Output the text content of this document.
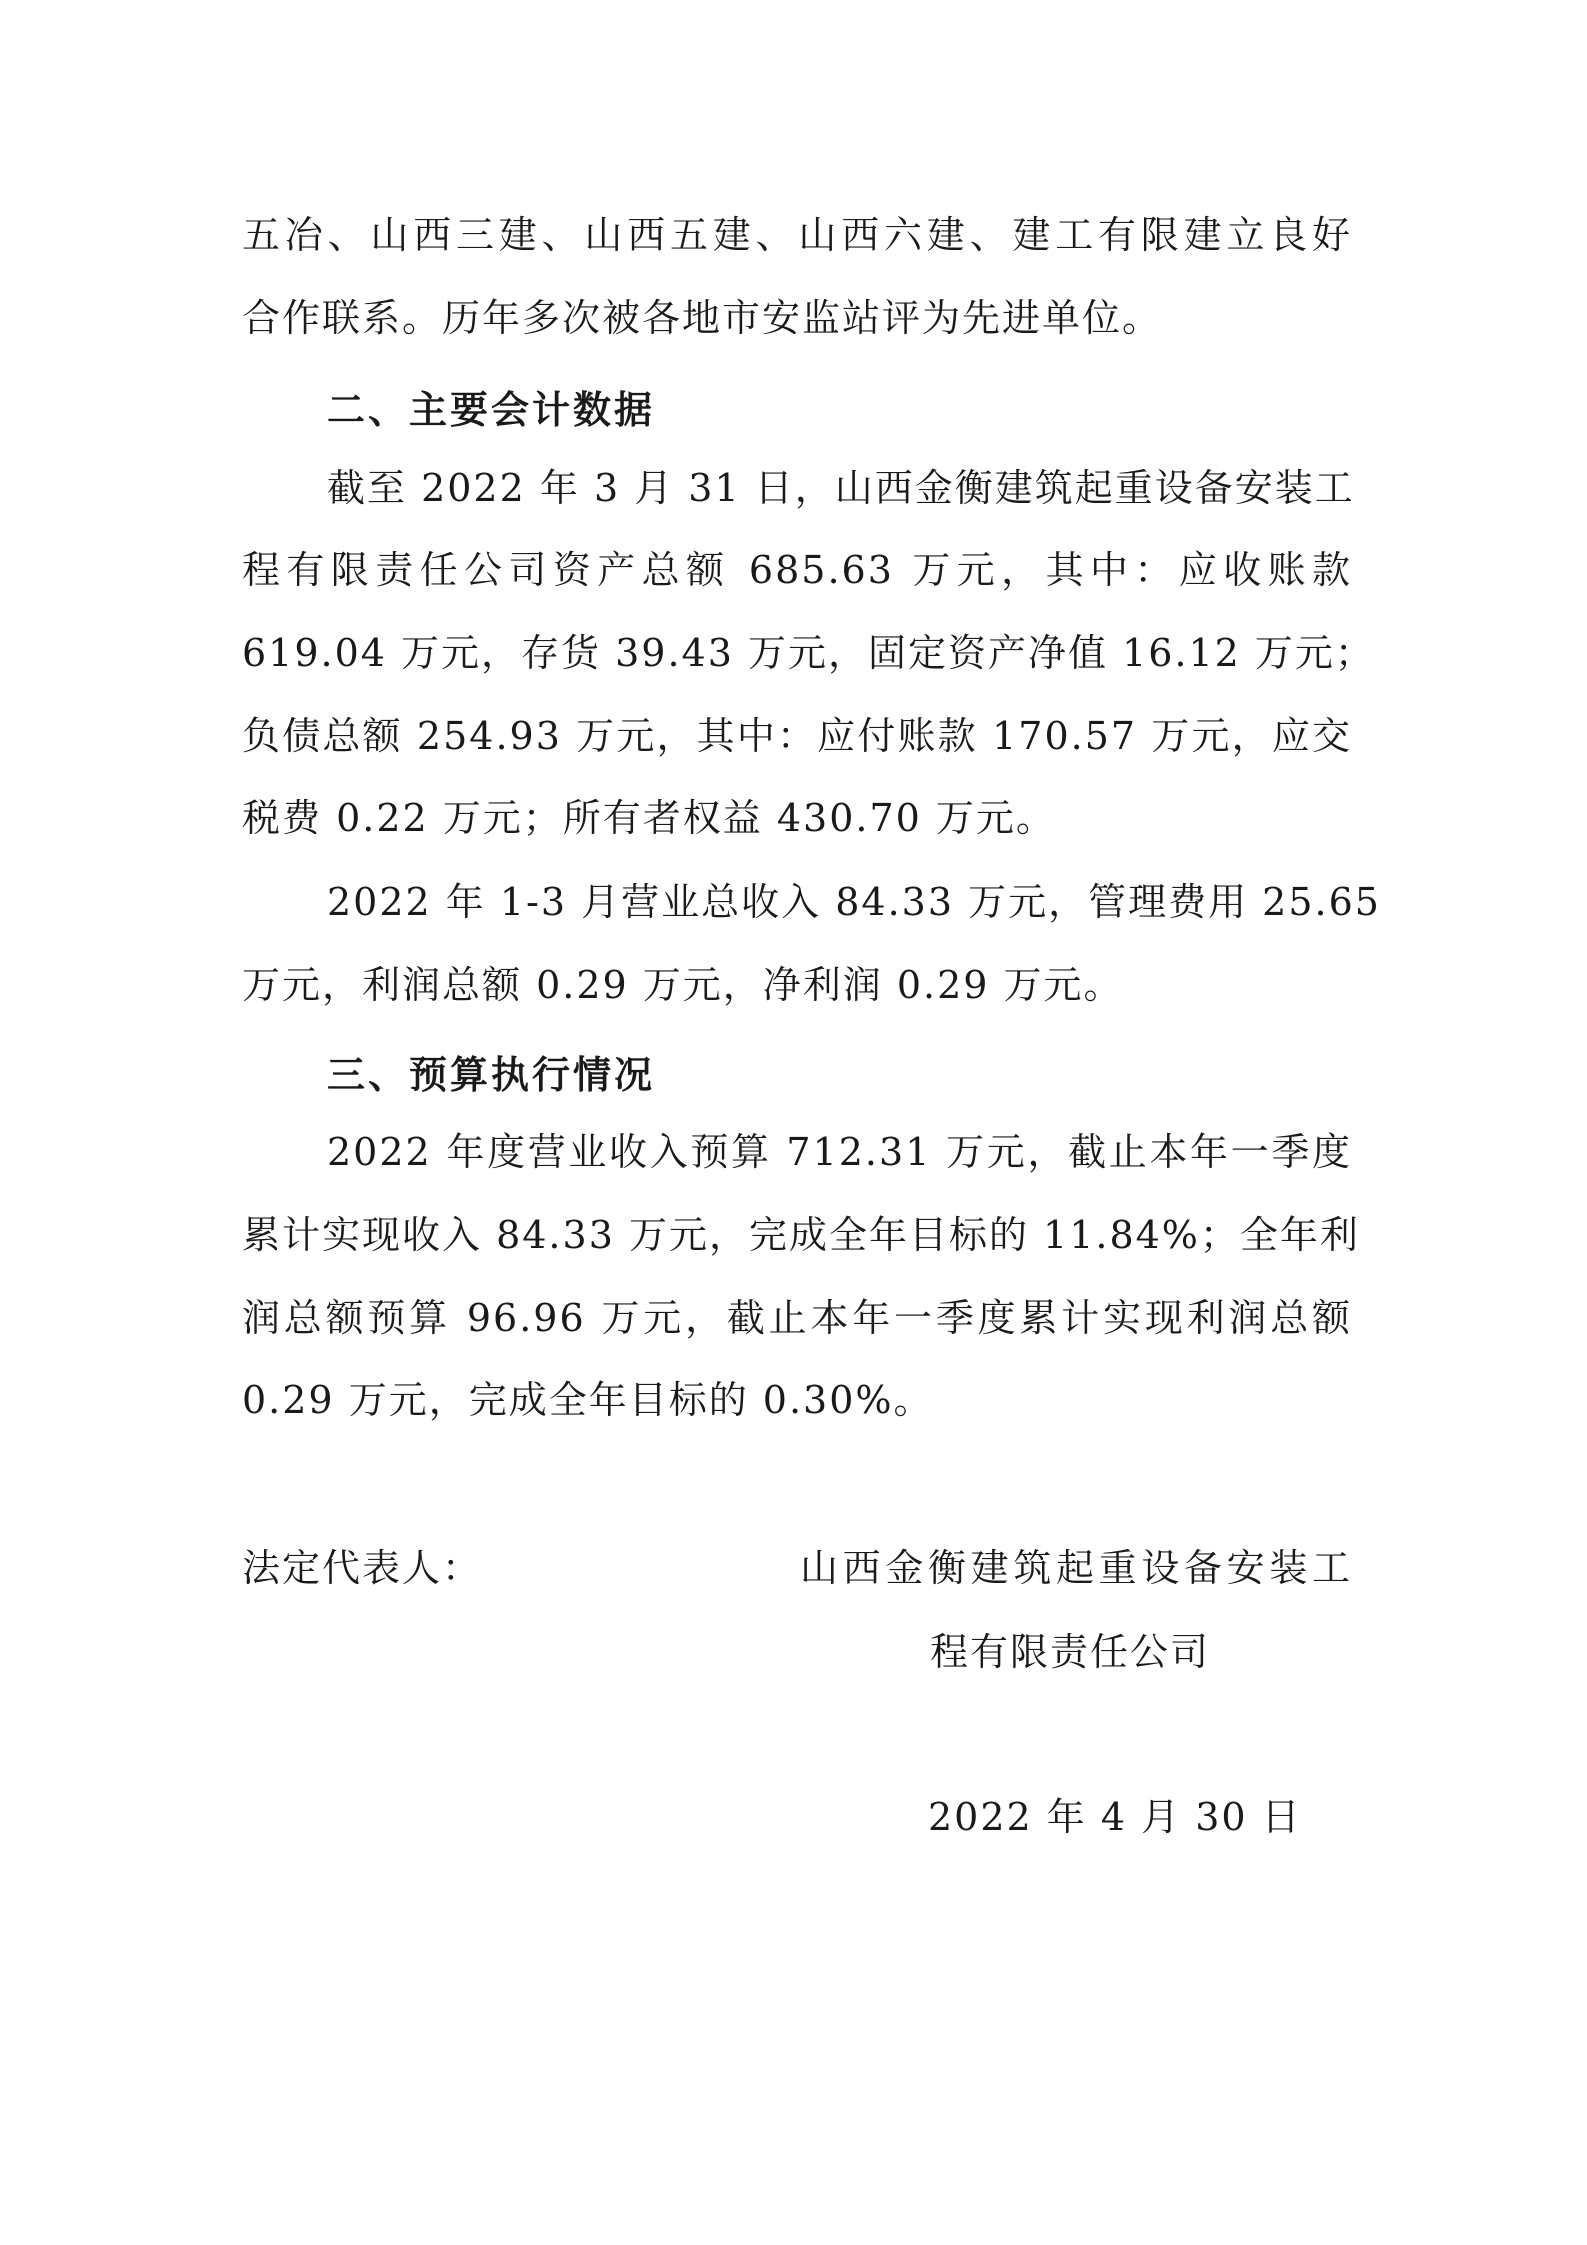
五冶、山西三建、山西五建、山西六建、建工有限建立良好
合作联系。历年多次被各地市安监站评为先进单位。
二、主要会计数据
截至 2022 年 3 月 31 日，山西金衡建筑起重设备安装工
程有限责任公司资产总额 685.63 万元，其中：应收账款
619.04 万元，存货 39.43 万元，固定资产净值 16.12 万元；
负债总额 254.93 万元，其中：应付账款 170.57 万元，应交
税费 0.22 万元；所有者权益 430.70 万元。
2022 年 1-3 月营业总收入 84.33 万元，管理费用 25.65
万元，利润总额 0.29 万元，净利润 0.29 万元。
三、预算执行情况
2022 年度营业收入预算 712.31 万元，截止本年一季度
累计实现收入 84.33 万元，完成全年目标的 11.84%；全年利
润总额预算 96.96 万元，截止本年一季度累计实现利润总额
0.29 万元，完成全年目标的 0.30%。
法定代表人：	山西金衡建筑起重设备安装工
程有限责任公司
2022 年 4 月 30 日
